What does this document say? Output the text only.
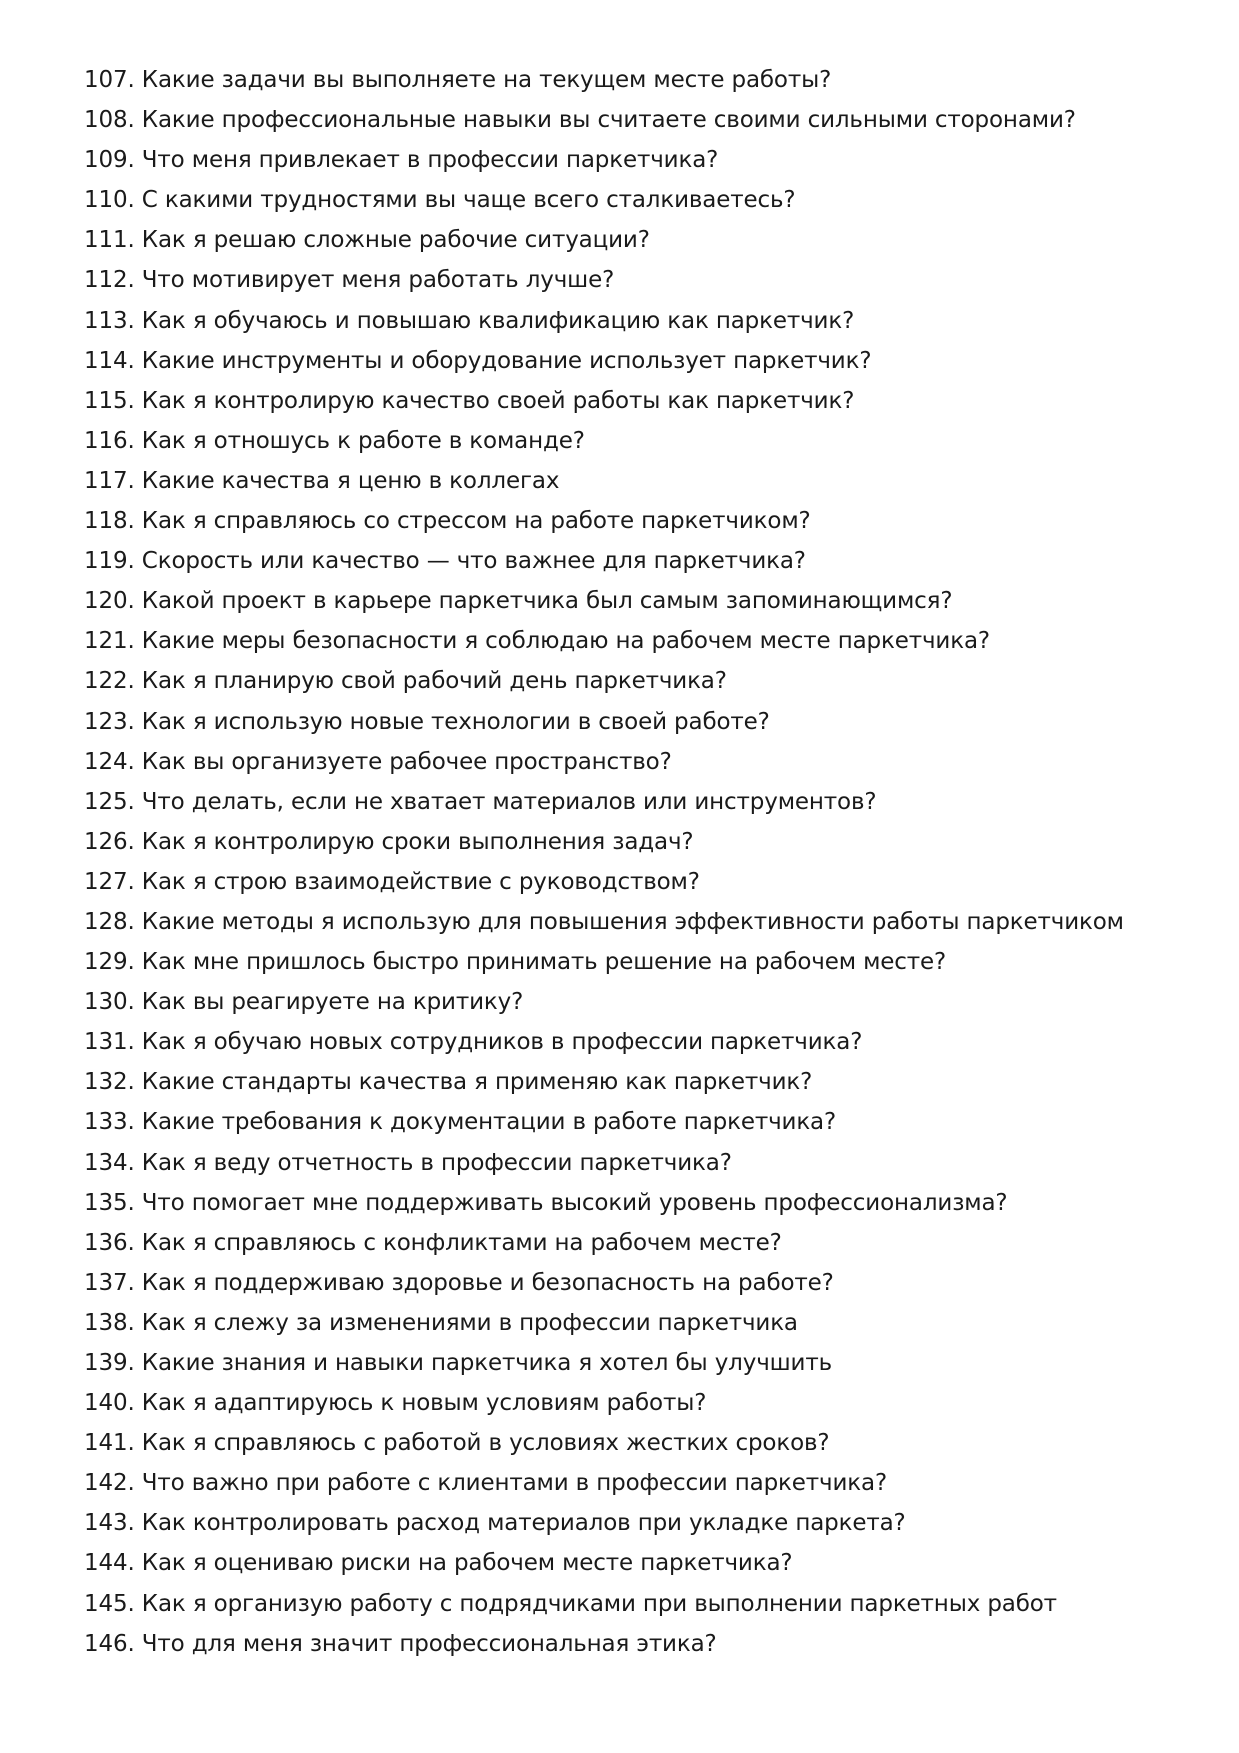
107. Какие задачи вы выполняете на текущем месте работы?
108. Какие профессиональные навыки вы считаете своими сильными сторонами?
109. Что меня привлекает в профессии паркетчика?
110. С какими трудностями вы чаще всего сталкиваетесь?
111. Как я решаю сложные рабочие ситуации?
112. Что мотивирует меня работать лучше?
113. Как я обучаюсь и повышаю квалификацию как паркетчик?
114. Какие инструменты и оборудование использует паркетчик?
115. Как я контролирую качество своей работы как паркетчик?
116. Как я отношусь к работе в команде?
117. Какие качества я ценю в коллегах
118. Как я справляюсь со стрессом на работе паркетчиком?
119. Скорость или качество — что важнее для паркетчика?
120. Какой проект в карьере паркетчика был самым запоминающимся?
121. Какие меры безопасности я соблюдаю на рабочем месте паркетчика?
122. Как я планирую свой рабочий день паркетчика?
123. Как я использую новые технологии в своей работе?
124. Как вы организуете рабочее пространство?
125. Что делать, если не хватает материалов или инструментов?
126. Как я контролирую сроки выполнения задач?
127. Как я строю взаимодействие с руководством?
128. Какие методы я использую для повышения эффективности работы паркетчиком
129. Как мне пришлось быстро принимать решение на рабочем месте?
130. Как вы реагируете на критику?
131. Как я обучаю новых сотрудников в профессии паркетчика?
132. Какие стандарты качества я применяю как паркетчик?
133. Какие требования к документации в работе паркетчика?
134. Как я веду отчетность в профессии паркетчика?
135. Что помогает мне поддерживать высокий уровень профессионализма?
136. Как я справляюсь с конфликтами на рабочем месте?
137. Как я поддерживаю здоровье и безопасность на работе?
138. Как я слежу за изменениями в профессии паркетчика
139. Какие знания и навыки паркетчика я хотел бы улучшить
140. Как я адаптируюсь к новым условиям работы?
141. Как я справляюсь с работой в условиях жестких сроков?
142. Что важно при работе с клиентами в профессии паркетчика?
143. Как контролировать расход материалов при укладке паркета?
144. Как я оцениваю риски на рабочем месте паркетчика?
145. Как я организую работу с подрядчиками при выполнении паркетных работ
146. Что для меня значит профессиональная этика?
